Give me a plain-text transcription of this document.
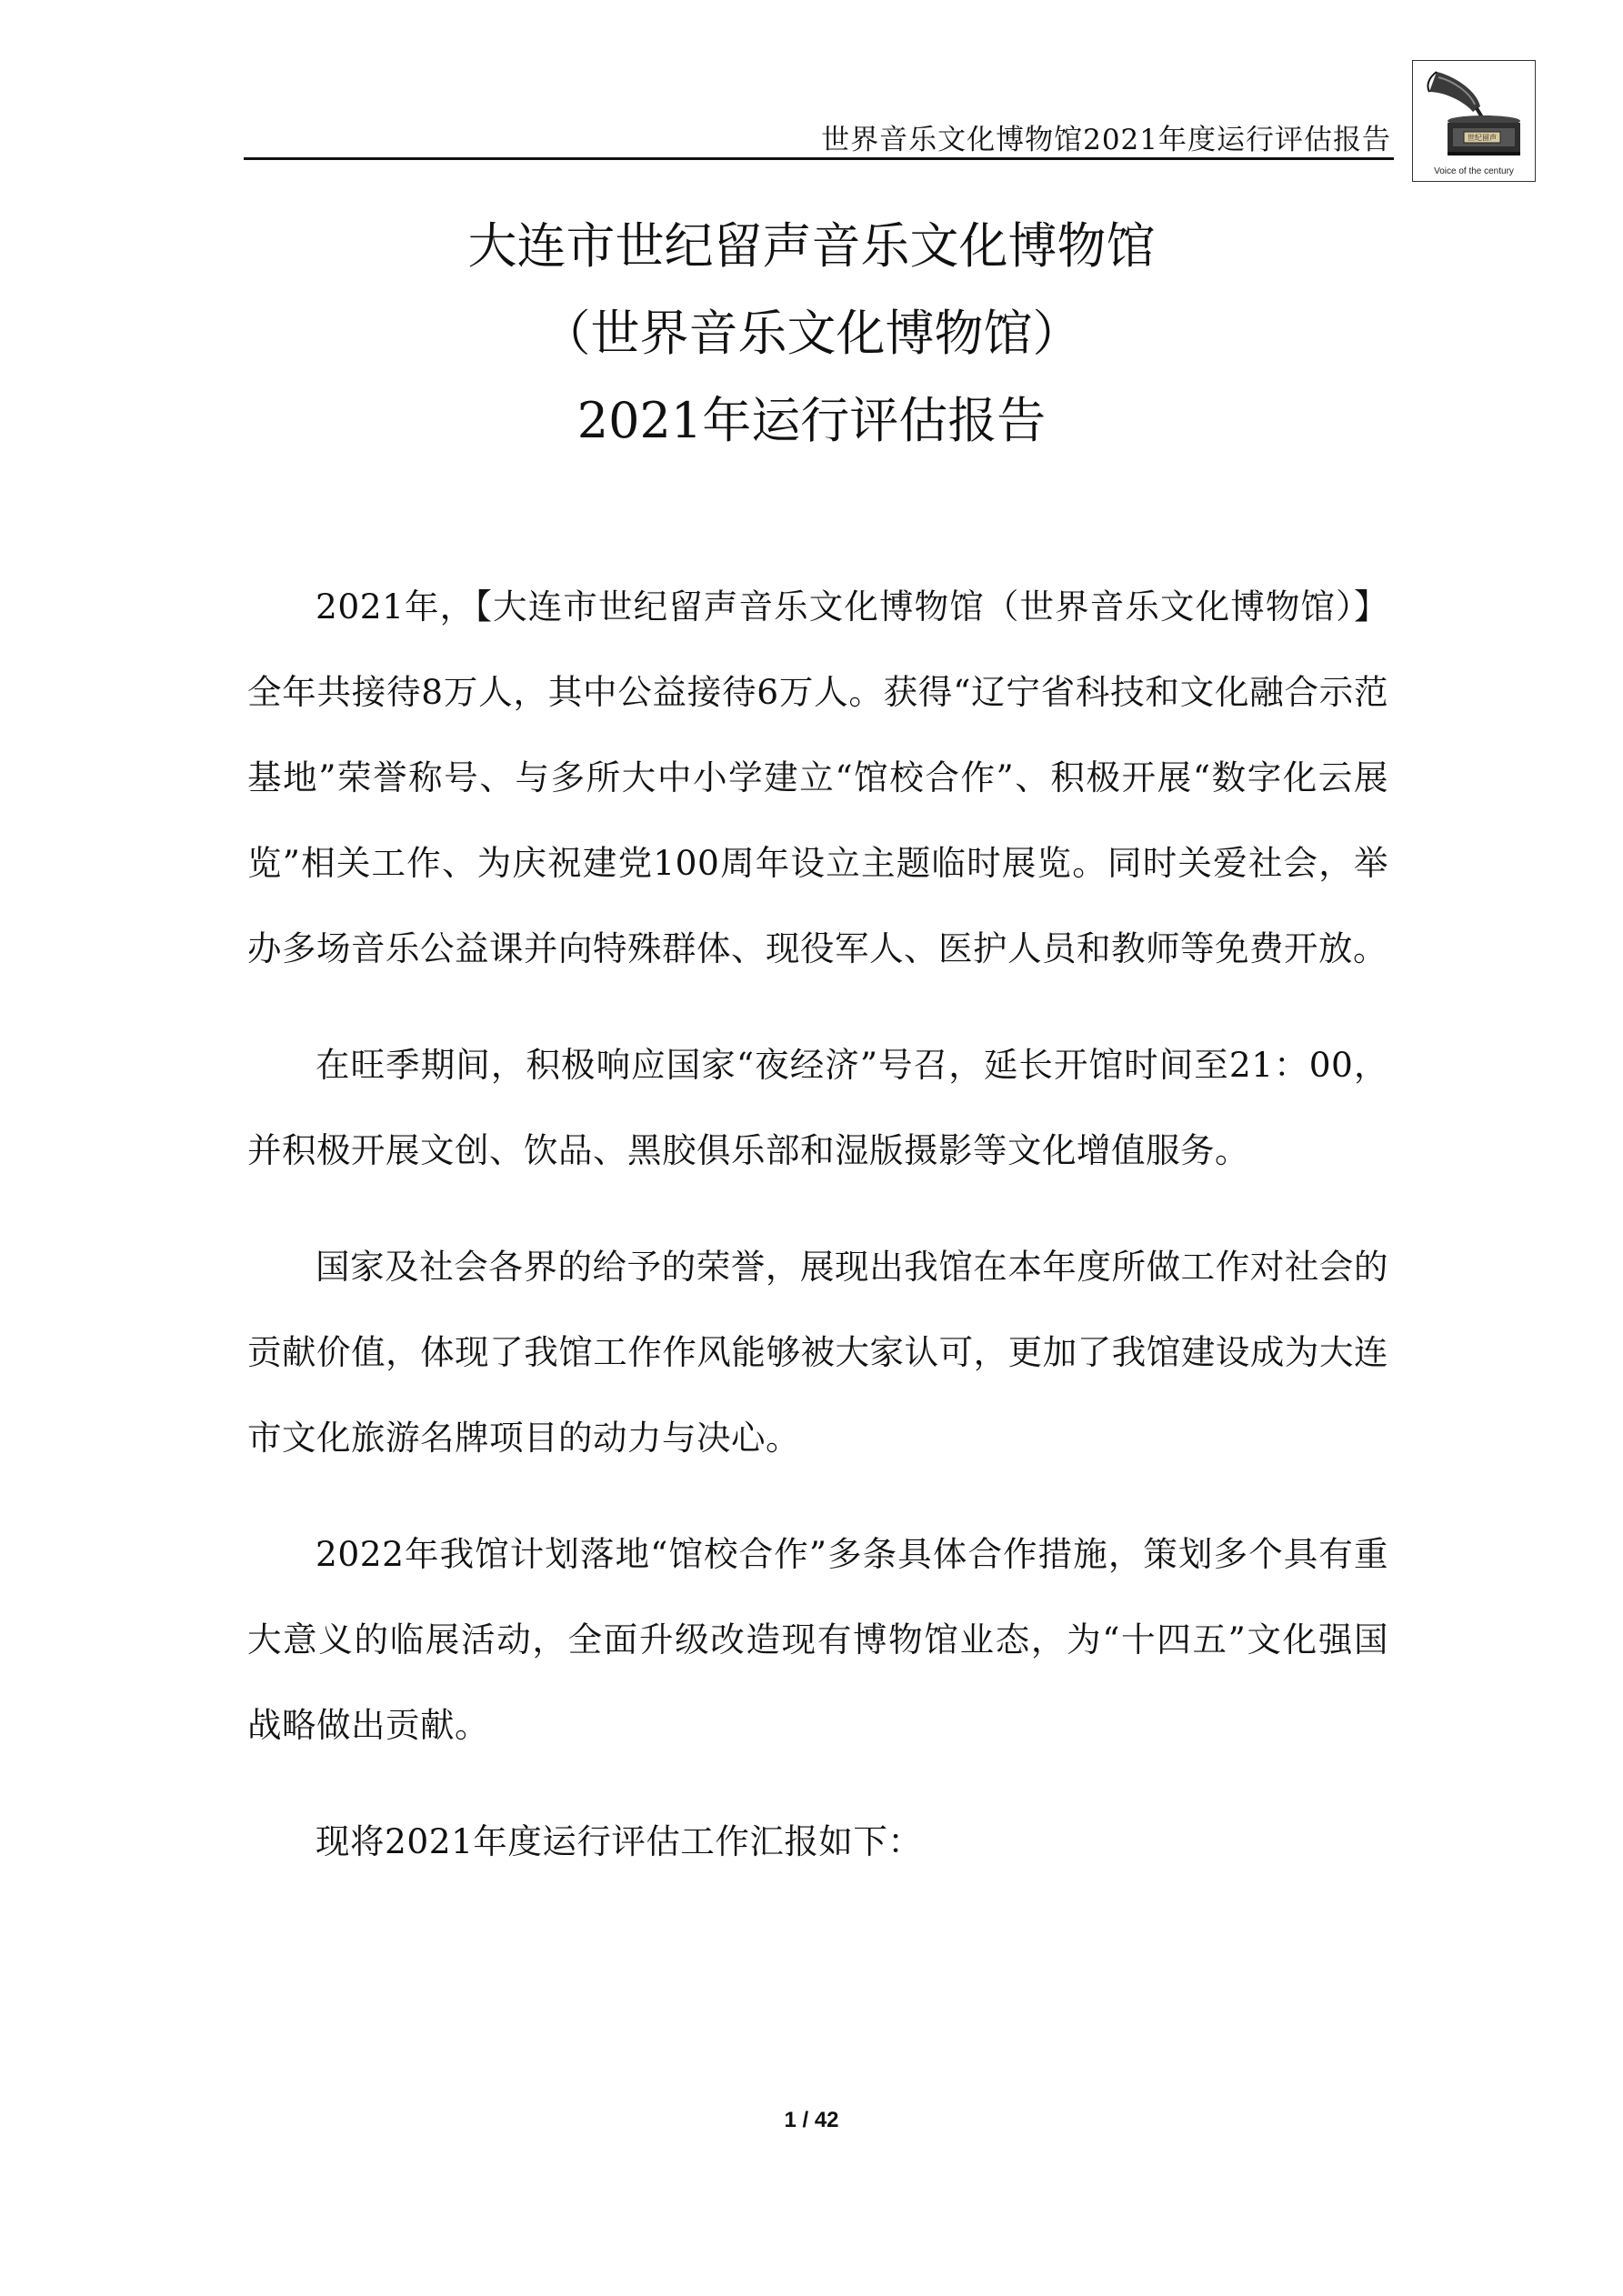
世界音乐文化博物馆2021年度运行评估报告	世纪留声
Voice of the century
大连市世纪留声音乐文化博物馆
（世界音乐文化博物馆）
2021年运行评估报告

2021年，【大连市世纪留声音乐文化博物馆（世界音乐文化博物馆）】全年共接待8万人，其中公益接待6万人。获得“辽宁省科技和文化融合示范基地”荣誉称号、与多所大中小学建立“馆校合作”、积极开展“数字化云展览”相关工作、为庆祝建党100周年设立主题临时展览。同时关爱社会，举办多场音乐公益课并向特殊群体、现役军人、医护人员和教师等免费开放。

在旺季期间，积极响应国家“夜经济”号召，延长开馆时间至21：00，并积极开展文创、饮品、黑胶俱乐部和湿版摄影等文化增值服务。

国家及社会各界的给予的荣誉，展现出我馆在本年度所做工作对社会的贡献价值，体现了我馆工作作风能够被大家认可，更加了我馆建设成为大连市文化旅游名牌项目的动力与决心。

2022年我馆计划落地“馆校合作”多条具体合作措施，策划多个具有重大意义的临展活动，全面升级改造现有博物馆业态，为“十四五”文化强国战略做出贡献。

现将2021年度运行评估工作汇报如下：

1 / 42
